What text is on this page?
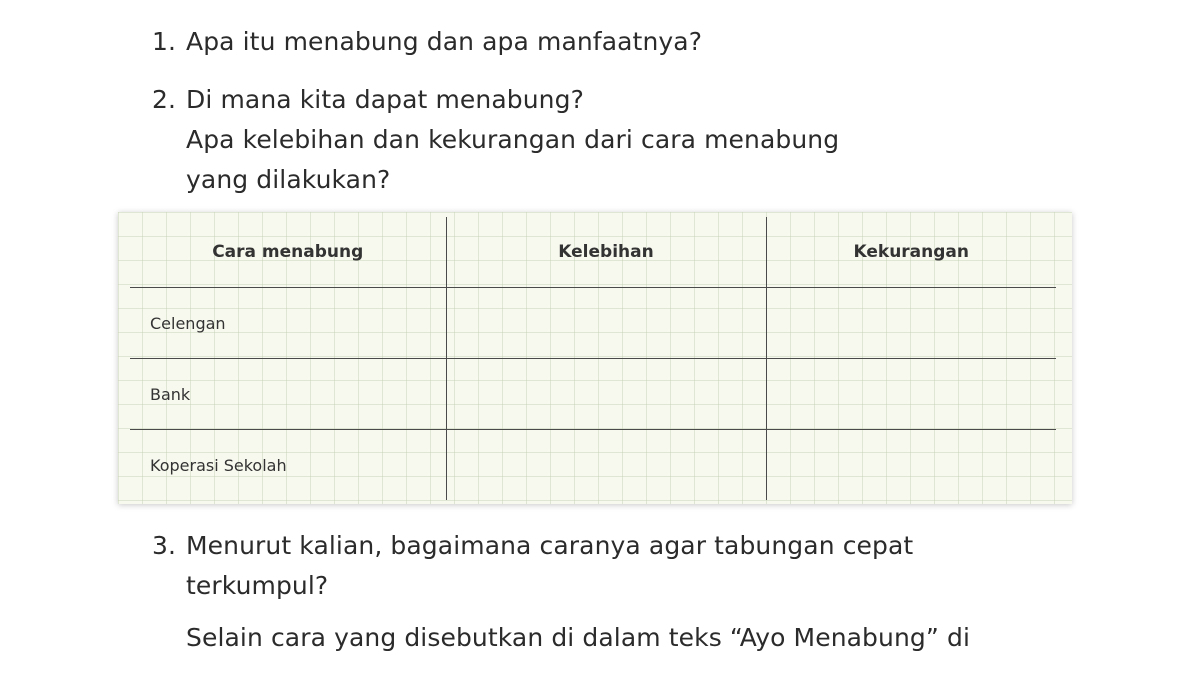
1. Apa itu menabung dan apa manfaatnya?
2. Di mana kita dapat menabung?
Apa kelebihan dan kekurangan dari cara menabung
yang dilakukan?
Cara menabung	Kelebihan	Kekurangan
Celengan		
Bank		
Koperasi Sekolah		
3. Menurut kalian, bagaimana caranya agar tabungan cepat
terkumpul?
Selain cara yang disebutkan di dalam teks “Ayo Menabung” di
